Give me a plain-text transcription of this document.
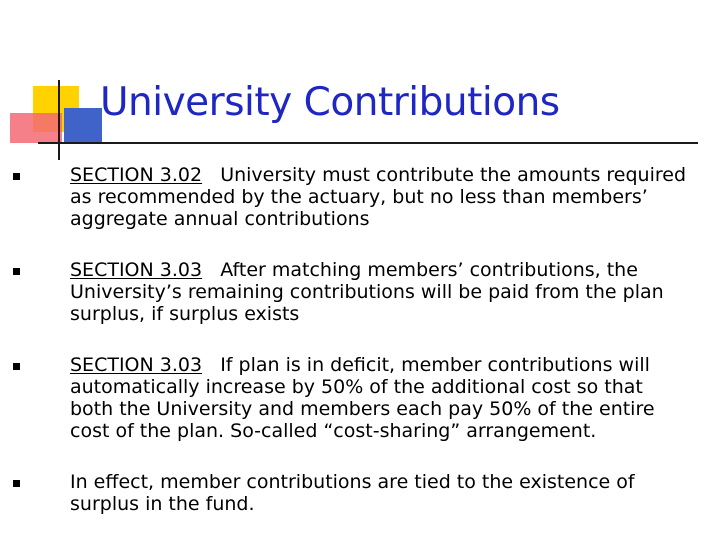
University Contributions
SECTION 3.02 University must contribute the amounts required as recommended by the actuary, but no less than members’ aggregate annual contributions
SECTION 3.03 After matching members’ contributions, the University’s remaining contributions will be paid from the plan surplus, if surplus exists
SECTION 3.03 If plan is in deficit, member contributions will automatically increase by 50% of the additional cost so that both the University and members each pay 50% of the entire cost of the plan. So-called “cost-sharing” arrangement.
In effect, member contributions are tied to the existence of surplus in the fund.
